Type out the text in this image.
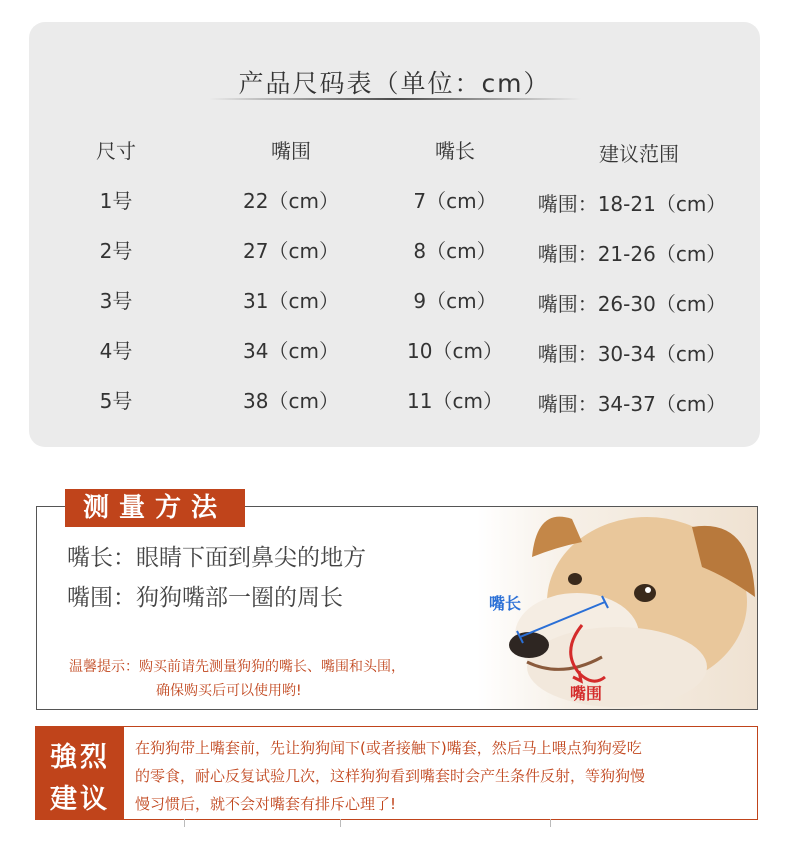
产品尺码表（单位：cm）
尺寸	嘴围	嘴长	建议范围
1号	22（cm）	7（cm） 嘴围：18-21（cm）
2号	27（cm）	8（cm） 嘴围：21-26（cm）
3号	31（cm）	9（cm） 嘴围：26-30（cm）
4号	34（cm）	10（cm） 嘴围：30-34（cm）
5号	38（cm）	11（cm） 嘴围：34-37（cm）
测量方法
嘴长：眼睛下面到鼻尖的地方
嘴围：狗狗嘴部一圈的周长
温馨提示：购买前请先测量狗狗的嘴长、嘴围和头围，
确保购买后可以使用哟!
嘴长
嘴围
強烈
建议
在狗狗带上嘴套前，先让狗狗闻下(或者接触下)嘴套，然后马上喂点狗狗爱吃
的零食，耐心反复试验几次，这样狗狗看到嘴套时会产生条件反射，等狗狗慢
慢习惯后，就不会对嘴套有排斥心理了!
